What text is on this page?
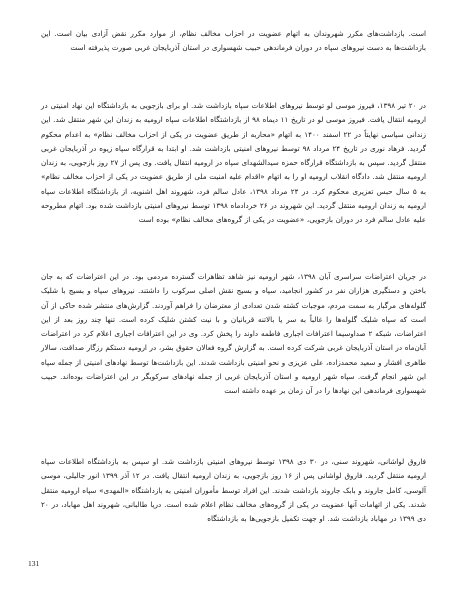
است. بازداشت‌های مکرر شهروندان به اتهام عضویت در احزاب مخالف نظام، از موارد مکرر نقض آزادی بیان است. این بازداشت‌ها به دست نیروهای سپاه در دوران فرماندهی حبیب شهسواری در استان آذربایجان غربی صورت پذیرفته است

در ۲۰ تیر ۱۳۹۸، فیروز موسی لو توسط نیروهای اطلاعات سپاه بازداشت شد. او برای بازجویی به بازداشتگاه این نهاد امنیتی در ارومیه انتقال یافت. فیروز موسی لو در تاریخ ۱۱ دیماه ۹۸ از بازداشتگاه اطلاعات سپاه ارومیه به زندان این شهر منتقل شد. این زندانی سیاسی نهایتاً در ۲۲ اسفند ۱۴۰۰ به اتهام «محاربه از طریق عضویت در یکی از احزاب مخالف نظام» به اعدام محکوم گردید. فرهاد نوری در تاریخ ۲۴ مرداد ۹۸ توسط نیروهای امنیتی بازداشت شد. او ابتدا به قرارگاه سپاه زیوه در آذربایجان غربی منتقل گردید. سپس به بازداشتگاه قرارگاه حمزه سیدالشهدای سپاه در ارومیه انتقال یافت. وی پس از ۲۷ روز بازجویی، به زندان ارومیه منتقل شد. دادگاه انقلاب ارومیه او را به اتهام «اقدام علیه امنیت ملی از طریق عضویت در یکی از احزاب مخالف نظام» به ۵ سال حبس تعزیری محکوم کرد. در ۲۴ مرداد ۱۳۹۸، عادل سالم فرد، شهروند اهل اشنویه، از بازداشتگاه اطلاعات سپاه ارومیه به زندان ارومیه منتقل گردید. این شهروند در ۲۶ خردادماه ۱۳۹۸ توسط نیروهای امنیتی بازداشت شده بود. اتهام مطروحه علیه عادل سالم فرد در دوران بازجویی، «عضویت در یکی از گروه‌های مخالف نظام» بوده است

در جریان اعتراضات سراسری آبان ۱۳۹۸، شهر ارومیه نیز شاهد تظاهرات گسترده مردمی بود. در این اعتراضات که به جان باختن و دستگیری هزاران نفر در کشور انجامید، سپاه و بسیج نقش اصلی سرکوب را داشتند. نیروهای سپاه و بسیج با شلیک گلوله‌های مرگبار به سمت مردم، موجبات کشته شدن تعدادی از معترضان را فراهم آوردند. گزارش‌های منتشر شده حاکی از آن است که سپاه شلیک گلوله‌ها را غالباً به سر یا بالاتنه قربانیان و با نیت کشتن شلیک کرده است. تنها چند روز بعد از این اعتراضات، شبکه ۲ صداوسیما اعترافات اجباری فاطمه داوند را پخش کرد. وی در این اعترافات اجباری اعلام کرد در اعتراضات آبان‌ماه در استان آذربایجان غربی شرکت کرده است. به گزارش گروه فعالان حقوق بشر، در ارومیه دستکم رزگار صداقت، سالار طاهری افشار و سعید محمدزاده، علی عزیزی و نحو امنیتی بازداشت شدند. این بازداشت‌ها توسط نهادهای امنیتی از جمله سپاه این شهر انجام گرفت. سپاه شهر ارومیه و استان آذربایجان غربی از جمله نهادهای سرکوبگر در این اعتراضات بوده‌اند. حبیب شهسواری فرماندهی این نهادها را در آن زمان بر عهده داشته است

فاروق لواشانی، شهروند سنی، در ۳۰ دی ۱۳۹۸ توسط نیروهای امنیتی بازداشت شد. او سپس به بازداشتگاه اطلاعات سپاه ارومیه منتقل گردید. فاروق لواشانی پس از ۱۶ روز بازجویی، به زندان ارومیه انتقال یافت. در ۱۲ آذر ۱۳۹۹ انور جالیلی، موسی آلوسی، کامل جاروند و بابک جاروند بازداشت شدند. این افراد توسط مأموران امنیتی به بازداشتگاه «المهدی» سپاه ارومیه منتقل شدند. یکی از اتهامات آنها عضویت در یکی از گروه‌های مخالف نظام اعلام شده است. دریا طالبانی، شهروند اهل مهاباد، در ۲۰ دی ۱۳۹۹ در مهاباد بازداشت شد. او جهت تکمیل بازجویی‌ها به بازداشتگاه

131
